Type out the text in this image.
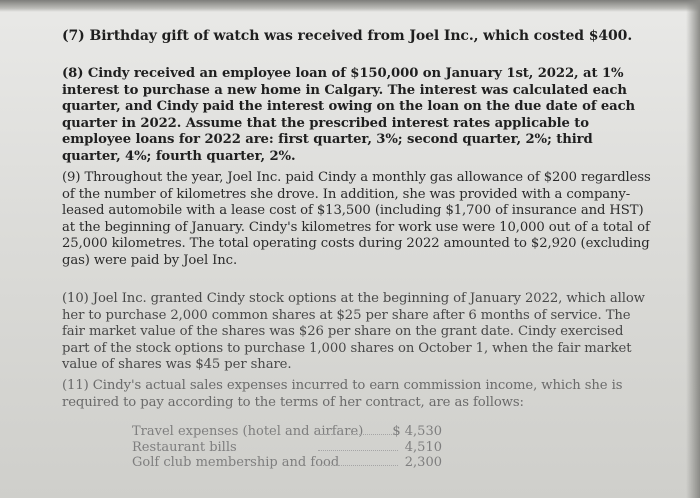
(7) Birthday gift of watch was received from Joel Inc., which costed $400.

(8) Cindy received an employee loan of $150,000 on January 1st, 2022, at 1% interest to purchase a new home in Calgary. The interest was calculated each quarter, and Cindy paid the interest owing on the loan on the due date of each quarter in 2022. Assume that the prescribed interest rates applicable to employee loans for 2022 are: first quarter, 3%; second quarter, 2%; third quarter, 4%; fourth quarter, 2%.

(9) Throughout the year, Joel Inc. paid Cindy a monthly gas allowance of $200 regardless of the number of kilometres she drove. In addition, she was provided with a company-leased automobile with a lease cost of $13,500 (including $1,700 of insurance and HST) at the beginning of January. Cindy's kilometres for work use were 10,000 out of a total of 25,000 kilometres. The total operating costs during 2022 amounted to $2,920 (excluding gas) were paid by Joel Inc.

(10) Joel Inc. granted Cindy stock options at the beginning of January 2022, which allow her to purchase 2,000 common shares at $25 per share after 6 months of service. The fair market value of the shares was $26 per share on the grant date. Cindy exercised part of the stock options to purchase 1,000 shares on October 1, when the fair market value of shares was $45 per share.

(11) Cindy's actual sales expenses incurred to earn commission income, which she is required to pay according to the terms of her contract, are as follows:

Travel expenses (hotel and airfare) $ 4,530
Restaurant bills	4,510
Golf club membership and food	2,300
